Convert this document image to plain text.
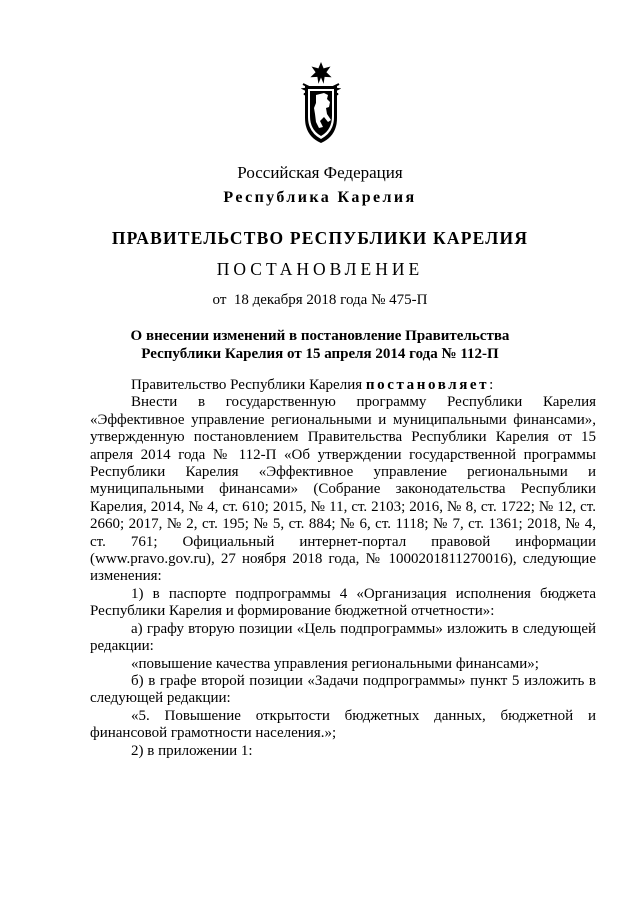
Российская Федерация
Республика Карелия
ПРАВИТЕЛЬСТВО РЕСПУБЛИКИ КАРЕЛИЯ
ПОСТАНОВЛЕНИЕ
от  18 декабря 2018 года № 475-П
О внесении изменений в постановление Правительства
Республики Карелия от 15 апреля 2014 года № 112-П

Правительство Республики Карелия постановляет:

Внести в государственную программу Республики Карелия «Эффективное управление региональными и муниципальными финансами», утвержденную постановлением Правительства Республики Карелия от 15 апреля 2014 года № 112-П «Об утверждении государственной программы Республики Карелия «Эффективное управление региональными и муниципальными финансами» (Собрание законодательства Республики Карелия, 2014, № 4, ст. 610; 2015, № 11, ст. 2103; 2016, № 8, ст. 1722; № 12, ст. 2660; 2017, № 2, ст. 195; № 5, ст. 884; № 6, ст. 1118; № 7, ст. 1361; 2018, № 4, ст. 761; Официальный интернет-портал правовой информации (www.pravo.gov.ru), 27 ноября 2018 года, № 1000201811270016), следующие изменения:

1) в паспорте подпрограммы 4 «Организация исполнения бюджета Республики Карелия и формирование бюджетной отчетности»:

а) графу вторую позиции «Цель подпрограммы» изложить в следующей редакции:

«повышение качества управления региональными финансами»;

б) в графе второй позиции «Задачи подпрограммы» пункт 5 изложить в следующей редакции:

«5. Повышение открытости бюджетных данных, бюджетной и финансовой грамотности населения.»;

2) в приложении 1:
